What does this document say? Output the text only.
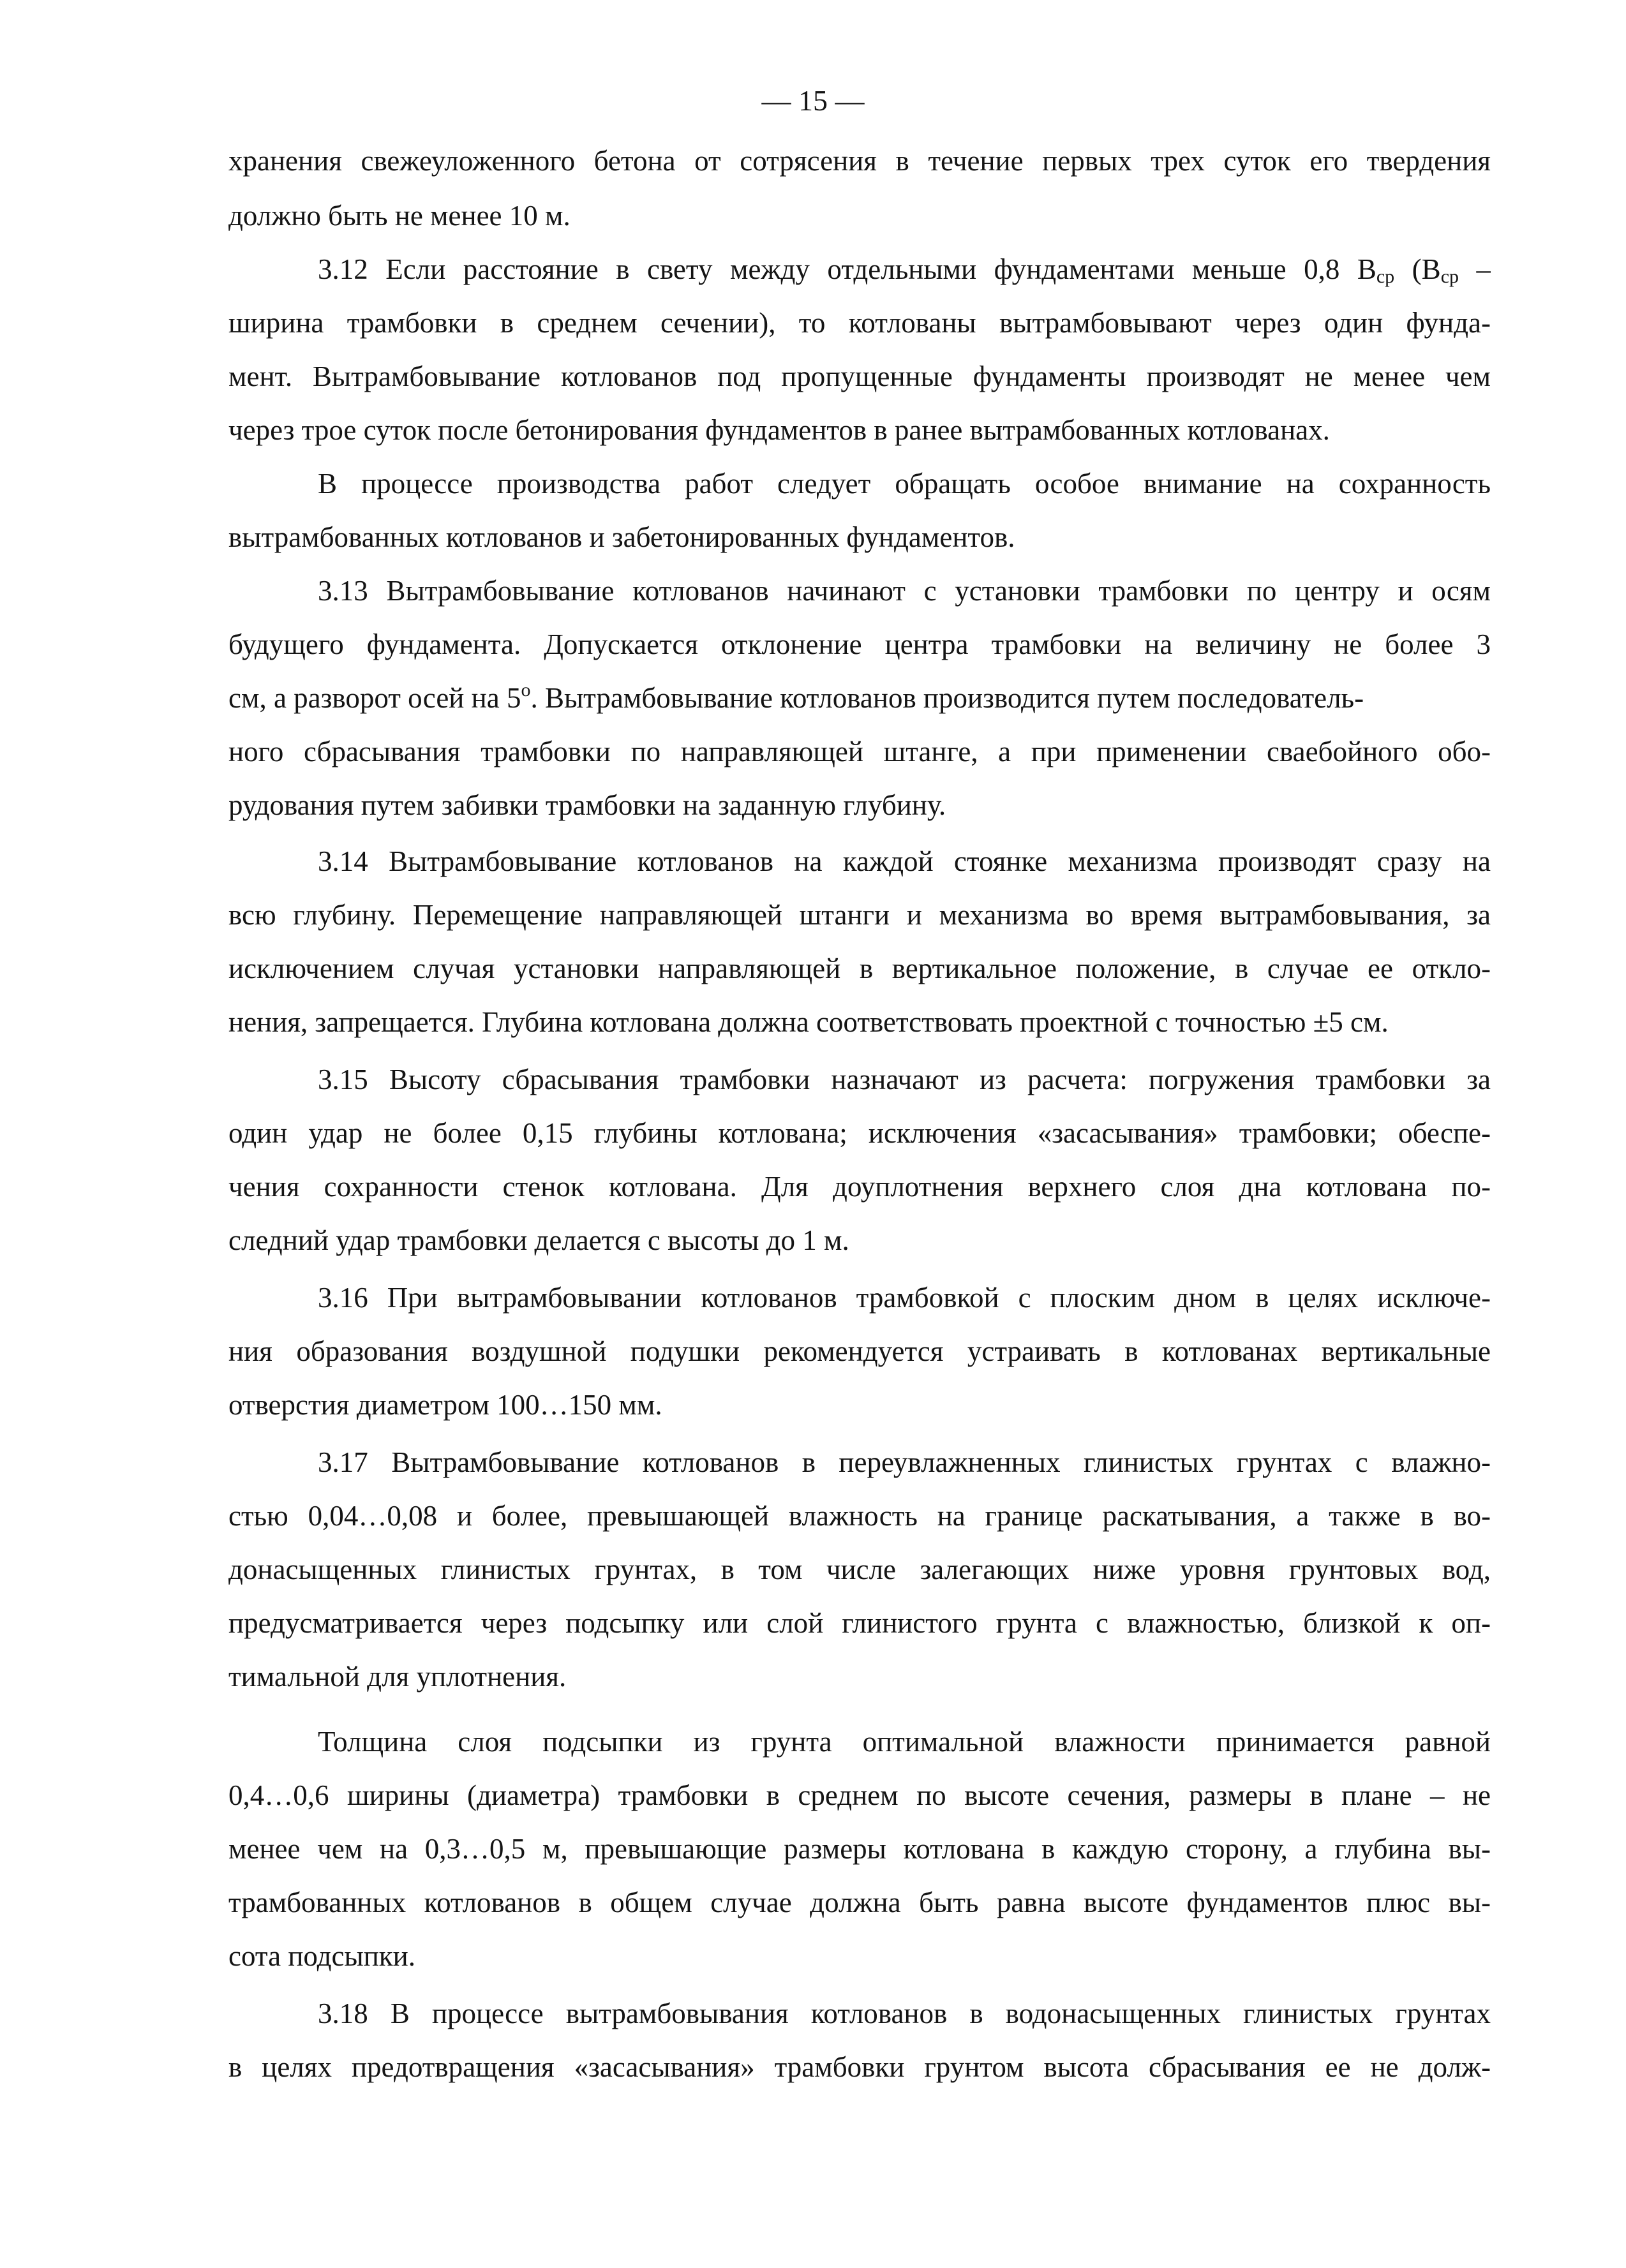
— 15 —
хранения свежеуложенного бетона от сотрясения в течение первых трех суток его твердения
должно быть не менее 10 м.
3.12 Если расстояние в свету между отдельными фундаментами меньше 0,8 $В_{ср}$ ($В_{ср}$ –
ширина трамбовки в среднем сечении), то котлованы вытрамбовывают через один фунда-
мент. Вытрамбовывание котлованов под пропущенные фундаменты производят не менее чем
через трое суток после бетонирования фундаментов в ранее вытрамбованных котлованах.
В процессе производства работ следует обращать особое внимание на сохранность
вытрамбованных котлованов и забетонированных фундаментов.
3.13 Вытрамбовывание котлованов начинают с установки трамбовки по центру и осям
будущего фундамента. Допускается отклонение центра трамбовки на величину не более 3
см, а разворот осей на $5^о$. Вытрамбовывание котлованов производится путем последователь-
ного сбрасывания трамбовки по направляющей штанге, а при применении сваебойного обо-
рудования путем забивки трамбовки на заданную глубину.
3.14 Вытрамбовывание котлованов на каждой стоянке механизма производят сразу на
всю глубину. Перемещение направляющей штанги и механизма во время вытрамбовывания, за
исключением случая установки направляющей в вертикальное положение, в случае ее откло-
нения, запрещается. Глубина котлована должна соответствовать проектной с точностью ±5 см.
3.15 Высоту сбрасывания трамбовки назначают из расчета: погружения трамбовки за
один удар не более 0,15 глубины котлована; исключения «засасывания» трамбовки; обеспе-
чения сохранности стенок котлована. Для доуплотнения верхнего слоя дна котлована по-
следний удар трамбовки делается с высоты до 1 м.
3.16 При вытрамбовывании котлованов трамбовкой с плоским дном в целях исключе-
ния образования воздушной подушки рекомендуется устраивать в котлованах вертикальные
отверстия диаметром 100…150 мм.
3.17 Вытрамбовывание котлованов в переувлажненных глинистых грунтах с влажно-
стью 0,04…0,08 и более, превышающей влажность на границе раскатывания, а также в во-
донасыщенных глинистых грунтах, в том числе залегающих ниже уровня грунтовых вод,
предусматривается через подсыпку или слой глинистого грунта с влажностью, близкой к оп-
тимальной для уплотнения.
Толщина слоя подсыпки из грунта оптимальной влажности принимается равной
0,4…0,6 ширины (диаметра) трамбовки в среднем по высоте сечения, размеры в плане – не
менее чем на 0,3…0,5 м, превышающие размеры котлована в каждую сторону, а глубина вы-
трамбованных котлованов в общем случае должна быть равна высоте фундаментов плюс вы-
сота подсыпки.
3.18 В процессе вытрамбовывания котлованов в водонасыщенных глинистых грунтах
в целях предотвращения «засасывания» трамбовки грунтом высота сбрасывания ее не долж-
